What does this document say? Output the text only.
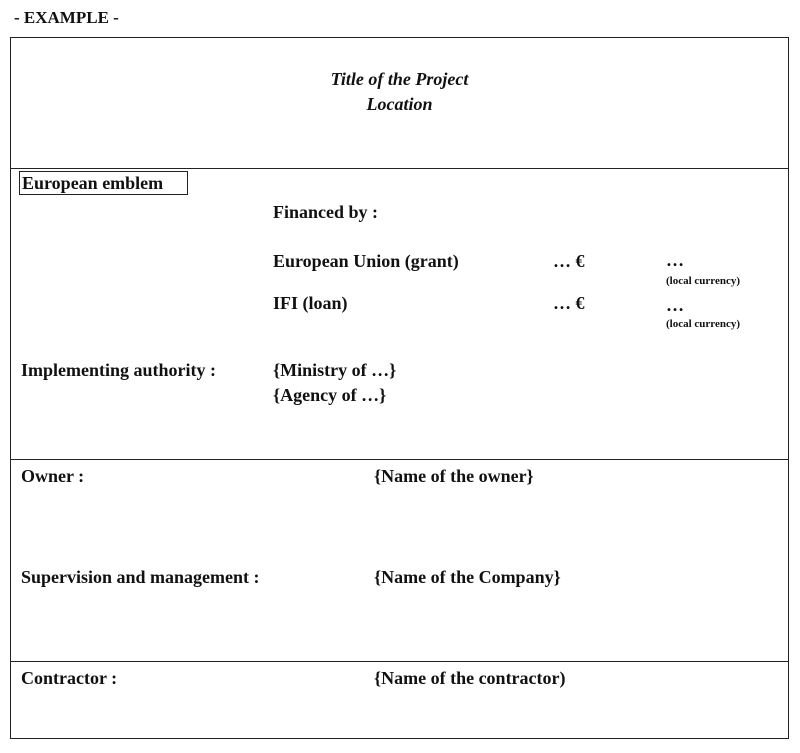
- EXAMPLE -
Title of the Project
Location
European emblem
Financed by :
European Union (grant)	… €	…
(local currency)
IFI (loan)	… €	…
(local currency)
Implementing authority :	{Ministry of …}
{Agency of …}
Owner :	{Name of the owner}
Supervision and management :	{Name of the Company}
Contractor :	{Name of the contractor)
